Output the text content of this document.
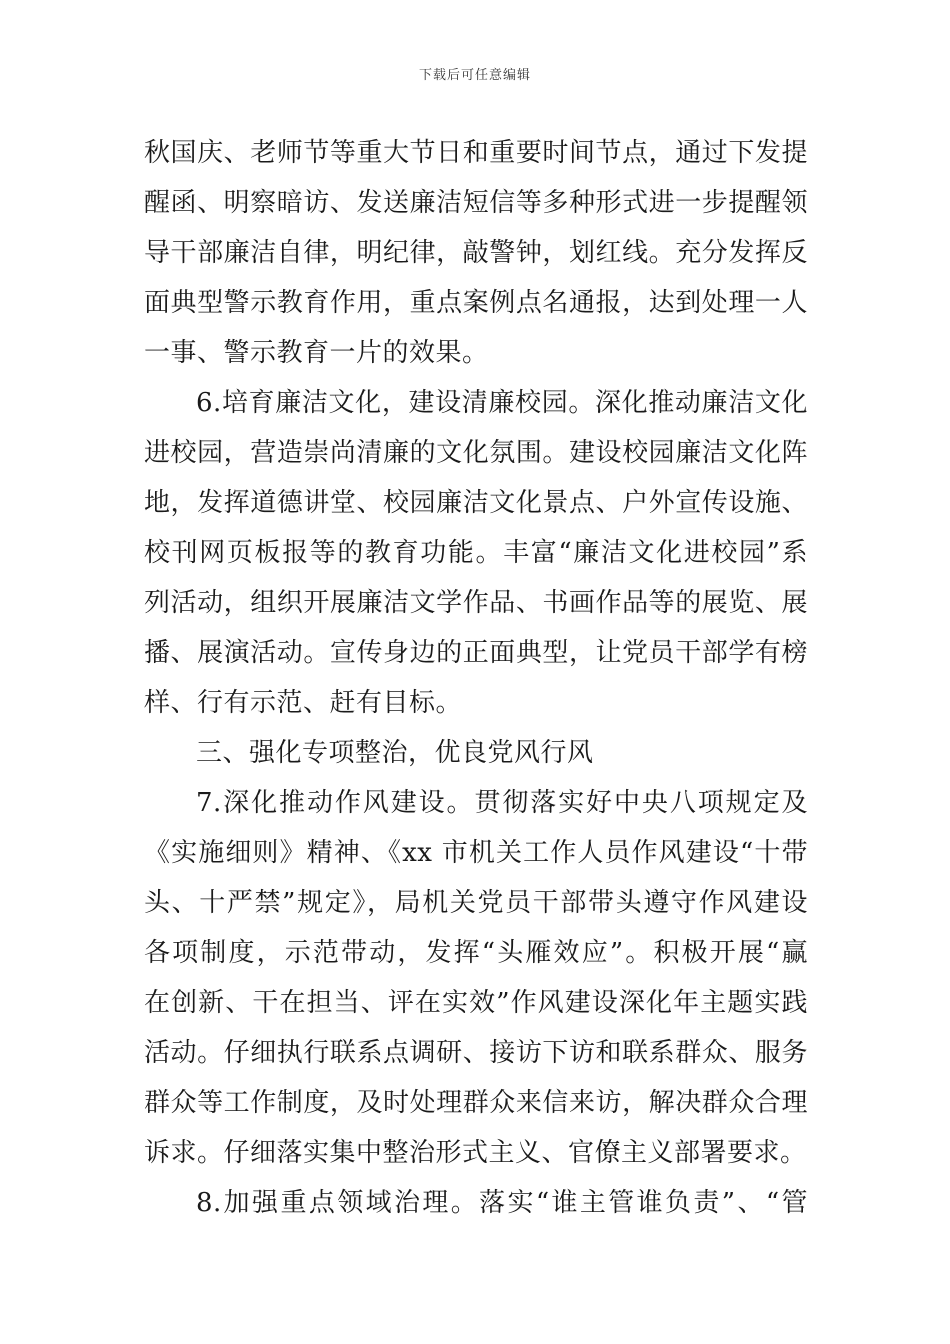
下载后可任意编辑
秋国庆、老师节等重大节日和重要时间节点，通过下发提
醒函、明察暗访、发送廉洁短信等多种形式进一步提醒领
导干部廉洁自律，明纪律，敲警钟，划红线。充分发挥反
面典型警示教育作用，重点案例点名通报，达到处理一人
一事、警示教育一片的效果。
6.培育廉洁文化，建设清廉校园。深化推动廉洁文化
进校园，营造崇尚清廉的文化氛围。建设校园廉洁文化阵
地，发挥道德讲堂、校园廉洁文化景点、户外宣传设施、
校刊网页板报等的教育功能。丰富“廉洁文化进校园”系
列活动，组织开展廉洁文学作品、书画作品等的展览、展
播、展演活动。宣传身边的正面典型，让党员干部学有榜
样、行有示范、赶有目标。
三、强化专项整治，优良党风行风
7.深化推动作风建设。贯彻落实好中央八项规定及
《实施细则》精神、《xx 市机关工作人员作风建设“十带
头、十严禁”规定》，局机关党员干部带头遵守作风建设
各项制度，示范带动，发挥“头雁效应”。积极开展“赢
在创新、干在担当、评在实效”作风建设深化年主题实践
活动。仔细执行联系点调研、接访下访和联系群众、服务
群众等工作制度，及时处理群众来信来访，解决群众合理
诉求。仔细落实集中整治形式主义、官僚主义部署要求。
8.加强重点领域治理。落实“谁主管谁负责”、“管
